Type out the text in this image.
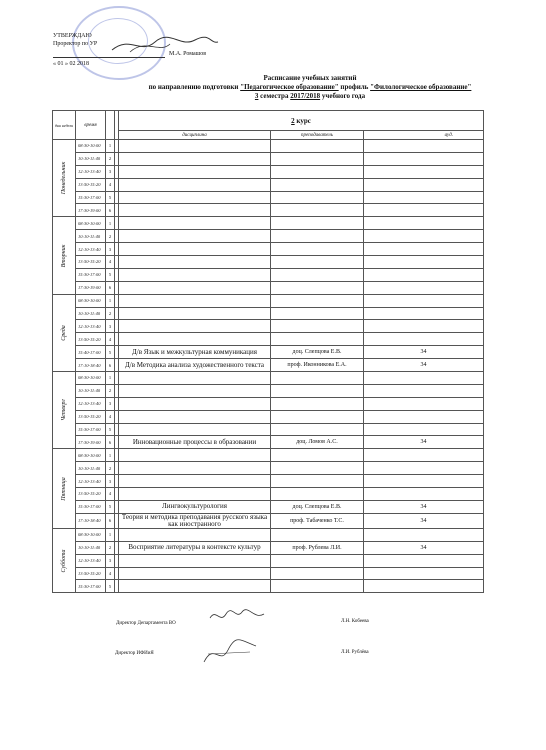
УТВЕРЖДАЮ
Проректор по УР
М.А. Ромашов
« 01 » 02 2018
Расписание учебных занятий
по направлению подготовки "Педагогическое образование" профиль "Филологическое образование"
3 семестра 2017/2018 учебного года
дни недели	время			2 курс		
				дисциплина	преподаватель	ауд.

Понедельник	08:30-10:00	1				
	10:10-11:40	2				
	12:10-13:40	3				
	13:50-15:20	4				
	15:30-17:00	5				
	17:30-19:00	6				

Вторник	08:30-10:00	1				
	10:10-11:40	2				
	12:10-13:40	3				
	13:50-15:20	4				
	15:30-17:00	5				
	17:30-19:00	6				

Среда	08:30-10:00	1				
	10:10-11:40	2				
	12:10-13:40	3				
	13:50-15:20	4				
	15:40-17:00	5		Д/в Язык и межкультурная коммуникация	доц. Слепцова Е.В.	34
	17:10-18:40	6		Д/в Методика анализа художественного текста	проф. Иконникова Е.А.	34

Четверг	08:30-10:00	1				
	10:10-11:40	2				
	12:10-13:40	3				
	13:50-15:20	4				
	15:30-17:00	5				
	17:30-19:00	6		Инновационные процессы в образовании	доц. Ломов А.С.	34

Пятница	08:30-10:00	1				
	10:10-11:40	2				
	12:10-13:40	3				
	13:50-15:20	4				
	15:30-17:00	5		Лингвокультурология	доц. Слепцова Е.В.	34
	17:10-18:40	6		Теория и методика преподавания русского языка как иностранного	проф. Табаченко Т.С.	34

Суббота	08:30-10:00	1				
	10:10-11:40	2		Восприятие литературы в контексте культур	проф. Рублева Л.И.	34
	12:10-13:40	3				
	13:50-15:20	4				
	15:30-17:00	5				
Директор Департамента ВО	Л.Н. Кобеева
Директор ИФИиЯ	Л.И. Рублёва
